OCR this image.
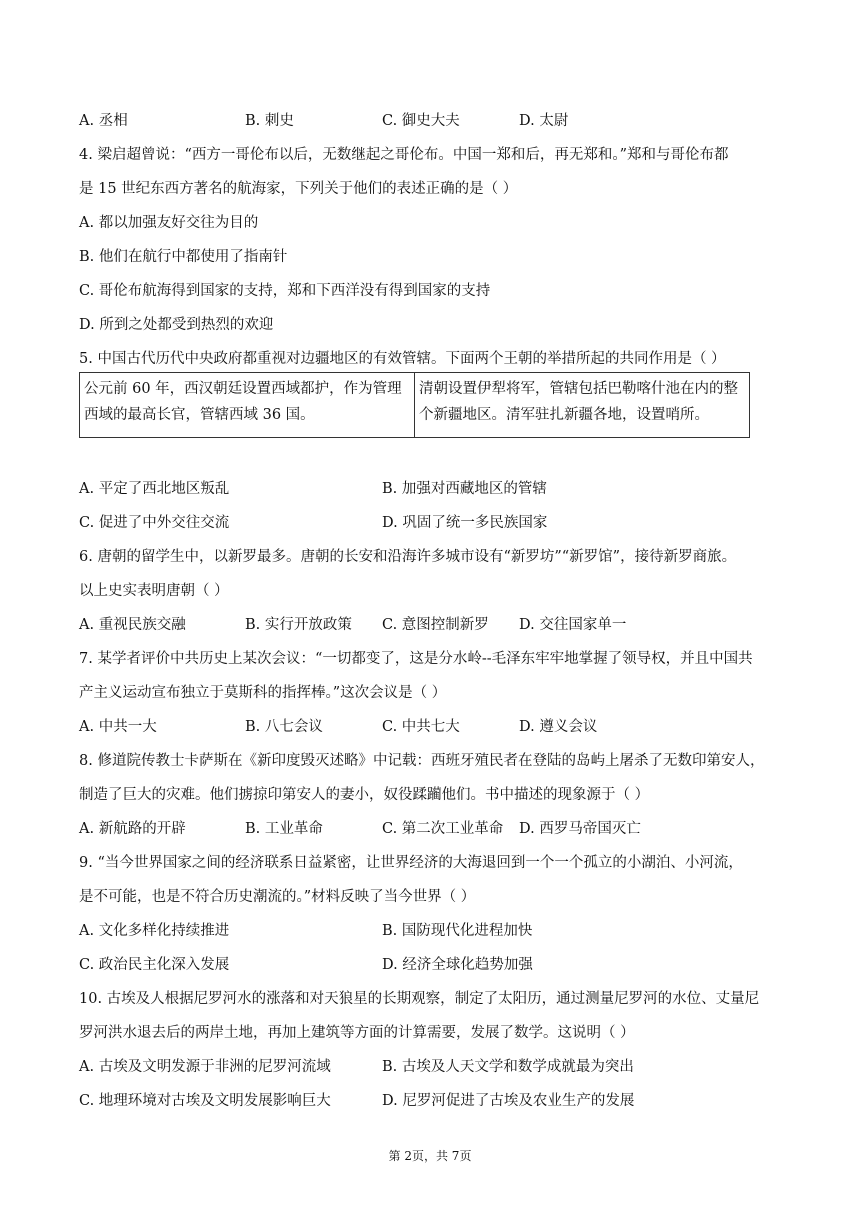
A. 丞相	B. 刺史	C. 御史大夫	D. 太尉
4. 梁启超曾说：“西方一哥伦布以后，无数继起之哥伦布。中国一郑和后，再无郑和。”郑和与哥伦布都
是 15 世纪东西方著名的航海家，下列关于他们的表述正确的是（ ）
A. 都以加强友好交往为目的
B. 他们在航行中都使用了指南针
C. 哥伦布航海得到国家的支持，郑和下西洋没有得到国家的支持
D. 所到之处都受到热烈的欢迎
5. 中国古代历代中央政府都重视对边疆地区的有效管辖。下面两个王朝的举措所起的共同作用是（ ）
公元前 60 年，西汉朝廷设置西域都护，作为管理
西域的最高长官，管辖西域 36 国。

清朝设置伊犁将军，管辖包括巴勒喀什池在内的整
个新疆地区。清军驻扎新疆各地，设置哨所。
A. 平定了西北地区叛乱	B. 加强对西藏地区的管辖
C. 促进了中外交往交流	D. 巩固了统一多民族国家
6. 唐朝的留学生中，以新罗最多。唐朝的长安和沿海许多城市设有“新罗坊”“新罗馆”，接待新罗商旅。
以上史实表明唐朝（ ）
A. 重视民族交融	B. 实行开放政策 C. 意图控制新罗 D. 交往国家单一
7. 某学者评价中共历史上某次会议：“一切都变了，这是分水岭--毛泽东牢牢地掌握了领导权，并且中国共
产主义运动宣布独立于莫斯科的指挥棒。”这次会议是（ ）
A. 中共一大	B. 八七会议	C. 中共七大	D. 遵义会议
8. 修道院传教士卡萨斯在《新印度毁灭述略》中记载：西班牙殖民者在登陆的岛屿上屠杀了无数印第安人，
制造了巨大的灾难。他们掳掠印第安人的妻小，奴役蹂躏他们。书中描述的现象源于（ ）
A. 新航路的开辟	B. 工业革命	C. 第二次工业革命 D. 西罗马帝国灭亡
9. “当今世界国家之间的经济联系日益紧密，让世界经济的大海退回到一个一个孤立的小湖泊、小河流，
是不可能，也是不符合历史潮流的。”材料反映了当今世界（ ）
A. 文化多样化持续推进	B. 国防现代化进程加快
C. 政治民主化深入发展	D. 经济全球化趋势加强
10. 古埃及人根据尼罗河水的涨落和对天狼星的长期观察，制定了太阳历，通过测量尼罗河的水位、丈量尼
罗河洪水退去后的两岸土地，再加上建筑等方面的计算需要，发展了数学。这说明（ ）
A. 古埃及文明发源于非洲的尼罗河流域	B. 古埃及人天文学和数学成就最为突出
C. 地理环境对古埃及文明发展影响巨大	D. 尼罗河促进了古埃及农业生产的发展
第 2页，共 7页
